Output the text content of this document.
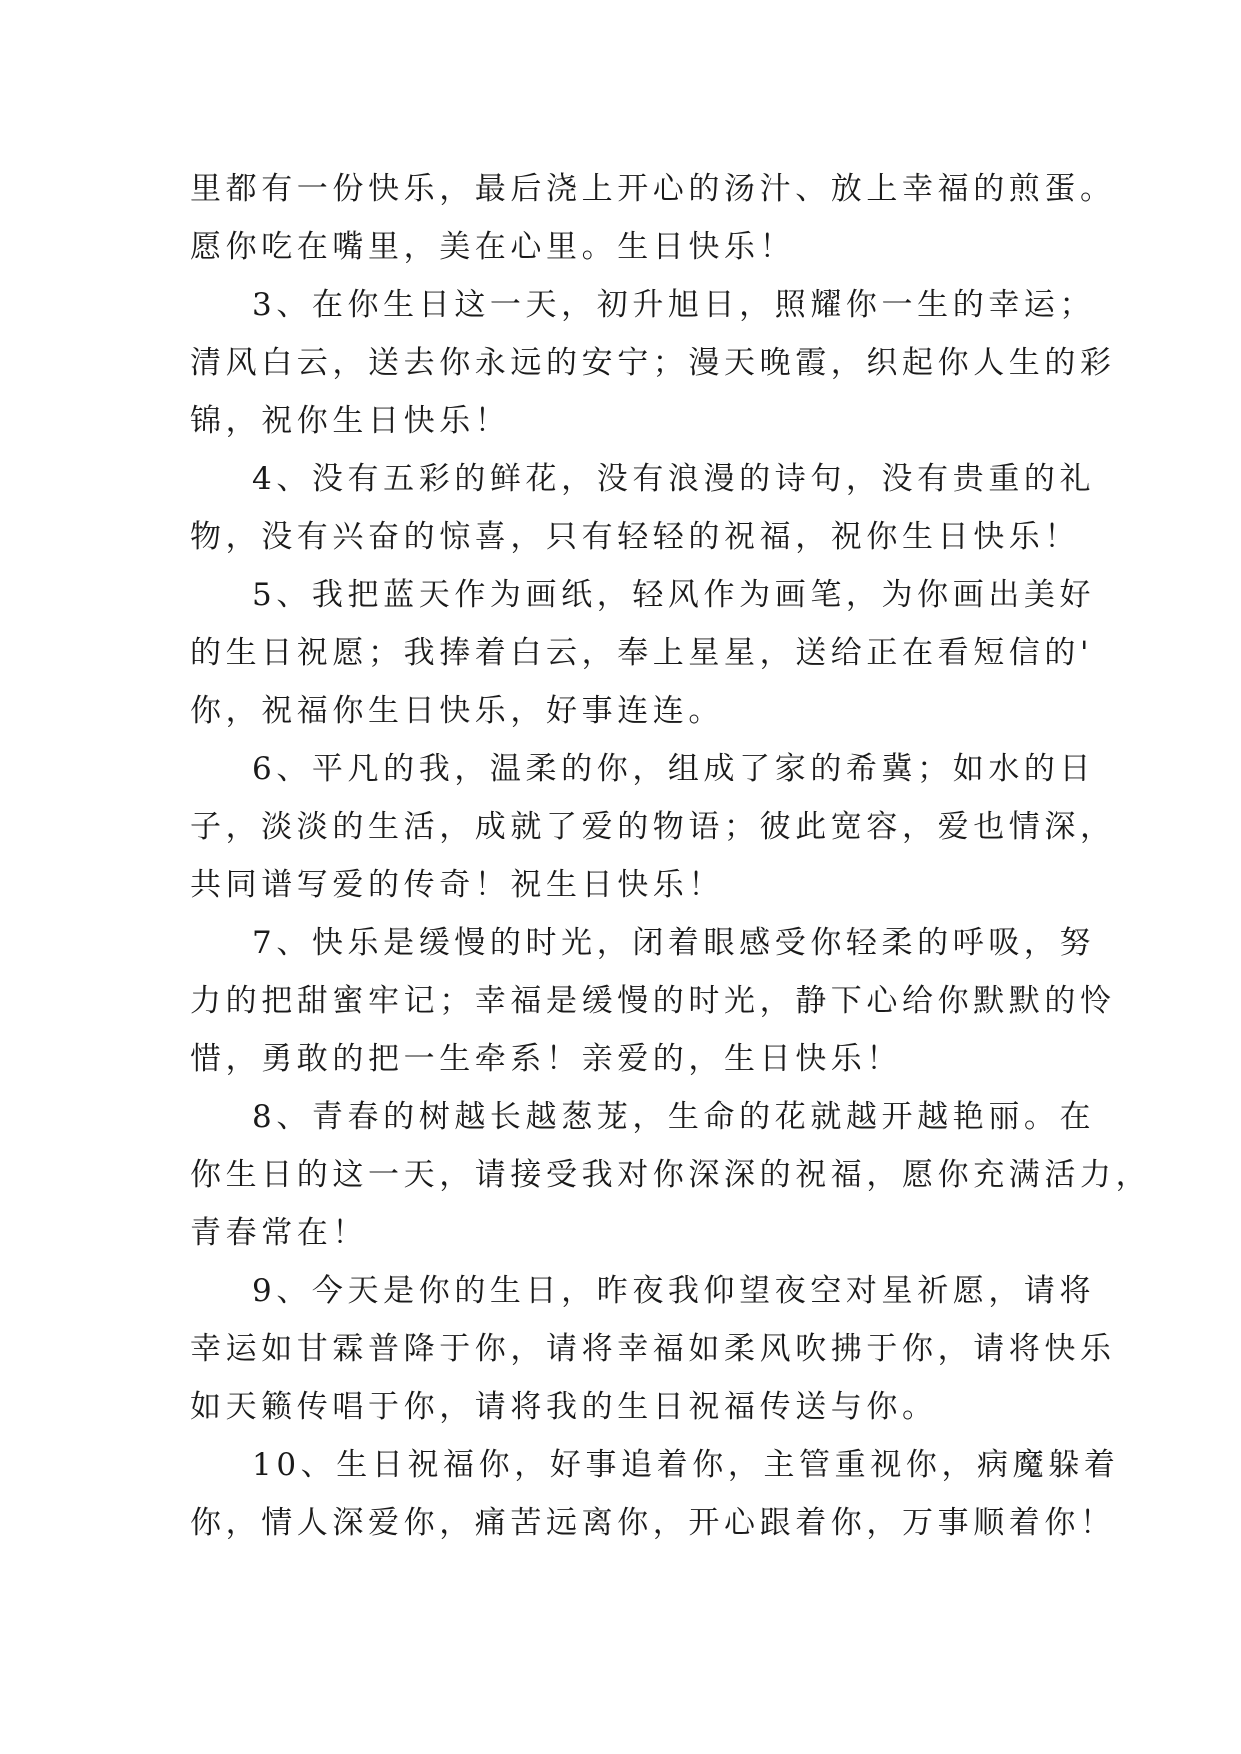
里都有一份快乐，最后浇上开心的汤汁、放上幸福的煎蛋。
愿你吃在嘴里，美在心里。生日快乐！
3、在你生日这一天，初升旭日，照耀你一生的幸运；
清风白云，送去你永远的安宁；漫天晚霞，织起你人生的彩
锦，祝你生日快乐！
4、没有五彩的鲜花，没有浪漫的诗句，没有贵重的礼
物，没有兴奋的惊喜，只有轻轻的祝福，祝你生日快乐！
5、我把蓝天作为画纸，轻风作为画笔，为你画出美好
的生日祝愿；我捧着白云，奉上星星，送给正在看短信的'
你，祝福你生日快乐，好事连连。
6、平凡的我，温柔的你，组成了家的希冀；如水的日
子，淡淡的生活，成就了爱的物语；彼此宽容，爱也情深，
共同谱写爱的传奇！祝生日快乐！
7、快乐是缓慢的时光，闭着眼感受你轻柔的呼吸，努
力的把甜蜜牢记；幸福是缓慢的时光，静下心给你默默的怜
惜，勇敢的把一生牵系！亲爱的，生日快乐！
8、青春的树越长越葱茏，生命的花就越开越艳丽。在
你生日的这一天，请接受我对你深深的祝福，愿你充满活力，
青春常在！
9、今天是你的生日，昨夜我仰望夜空对星祈愿，请将
幸运如甘霖普降于你，请将幸福如柔风吹拂于你，请将快乐
如天籁传唱于你，请将我的生日祝福传送与你。
10、生日祝福你，好事追着你，主管重视你，病魔躲着
你，情人深爱你，痛苦远离你，开心跟着你，万事顺着你！
